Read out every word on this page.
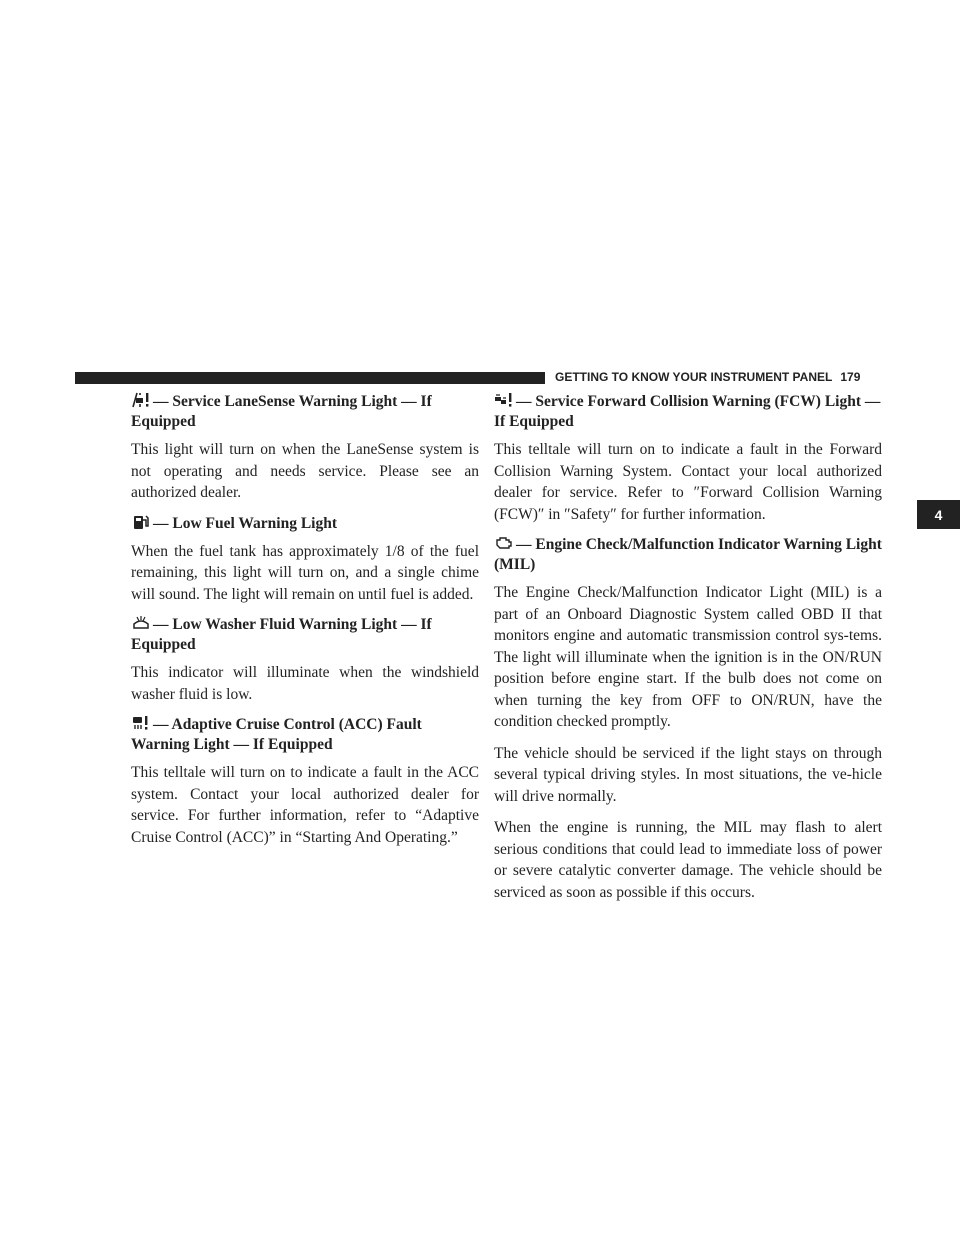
GETTING TO KNOW YOUR INSTRUMENT PANEL 179
4
— Service LaneSense Warning Light — If Equipped

This light will turn on when the LaneSense system is not operating and needs service. Please see an authorized dealer.

— Low Fuel Warning Light

When the fuel tank has approximately 1/8 of the fuel remaining, this light will turn on, and a single chime will sound. The light will remain on until fuel is added.

— Low Washer Fluid Warning Light — If Equipped

This indicator will illuminate when the windshield washer fluid is low.

— Adaptive Cruise Control (ACC) Fault Warning Light — If Equipped

This telltale will turn on to indicate a fault in the ACC system. Contact your local authorized dealer for service. For further information, refer to “Adaptive Cruise Control (ACC)” in “Starting And Operating.”

— Service Forward Collision Warning (FCW) Light — If Equipped

This telltale will turn on to indicate a fault in the Forward Collision Warning System. Contact your local authorized dealer for service. Refer to ″Forward Collision Warning (FCW)″ in ″Safety″ for further information.

— Engine Check/Malfunction Indicator Warning Light (MIL)

The Engine Check/Malfunction Indicator Light (MIL) is a part of an Onboard Diagnostic System called OBD II that monitors engine and automatic transmission control sys-tems. The light will illuminate when the ignition is in the ON/RUN position before engine start. If the bulb does not come on when turning the key from OFF to ON/RUN, have the condition checked promptly.

The vehicle should be serviced if the light stays on through several typical driving styles. In most situations, the ve-hicle will drive normally.

When the engine is running, the MIL may flash to alert serious conditions that could lead to immediate loss of power or severe catalytic converter damage. The vehicle should be serviced as soon as possible if this occurs.
